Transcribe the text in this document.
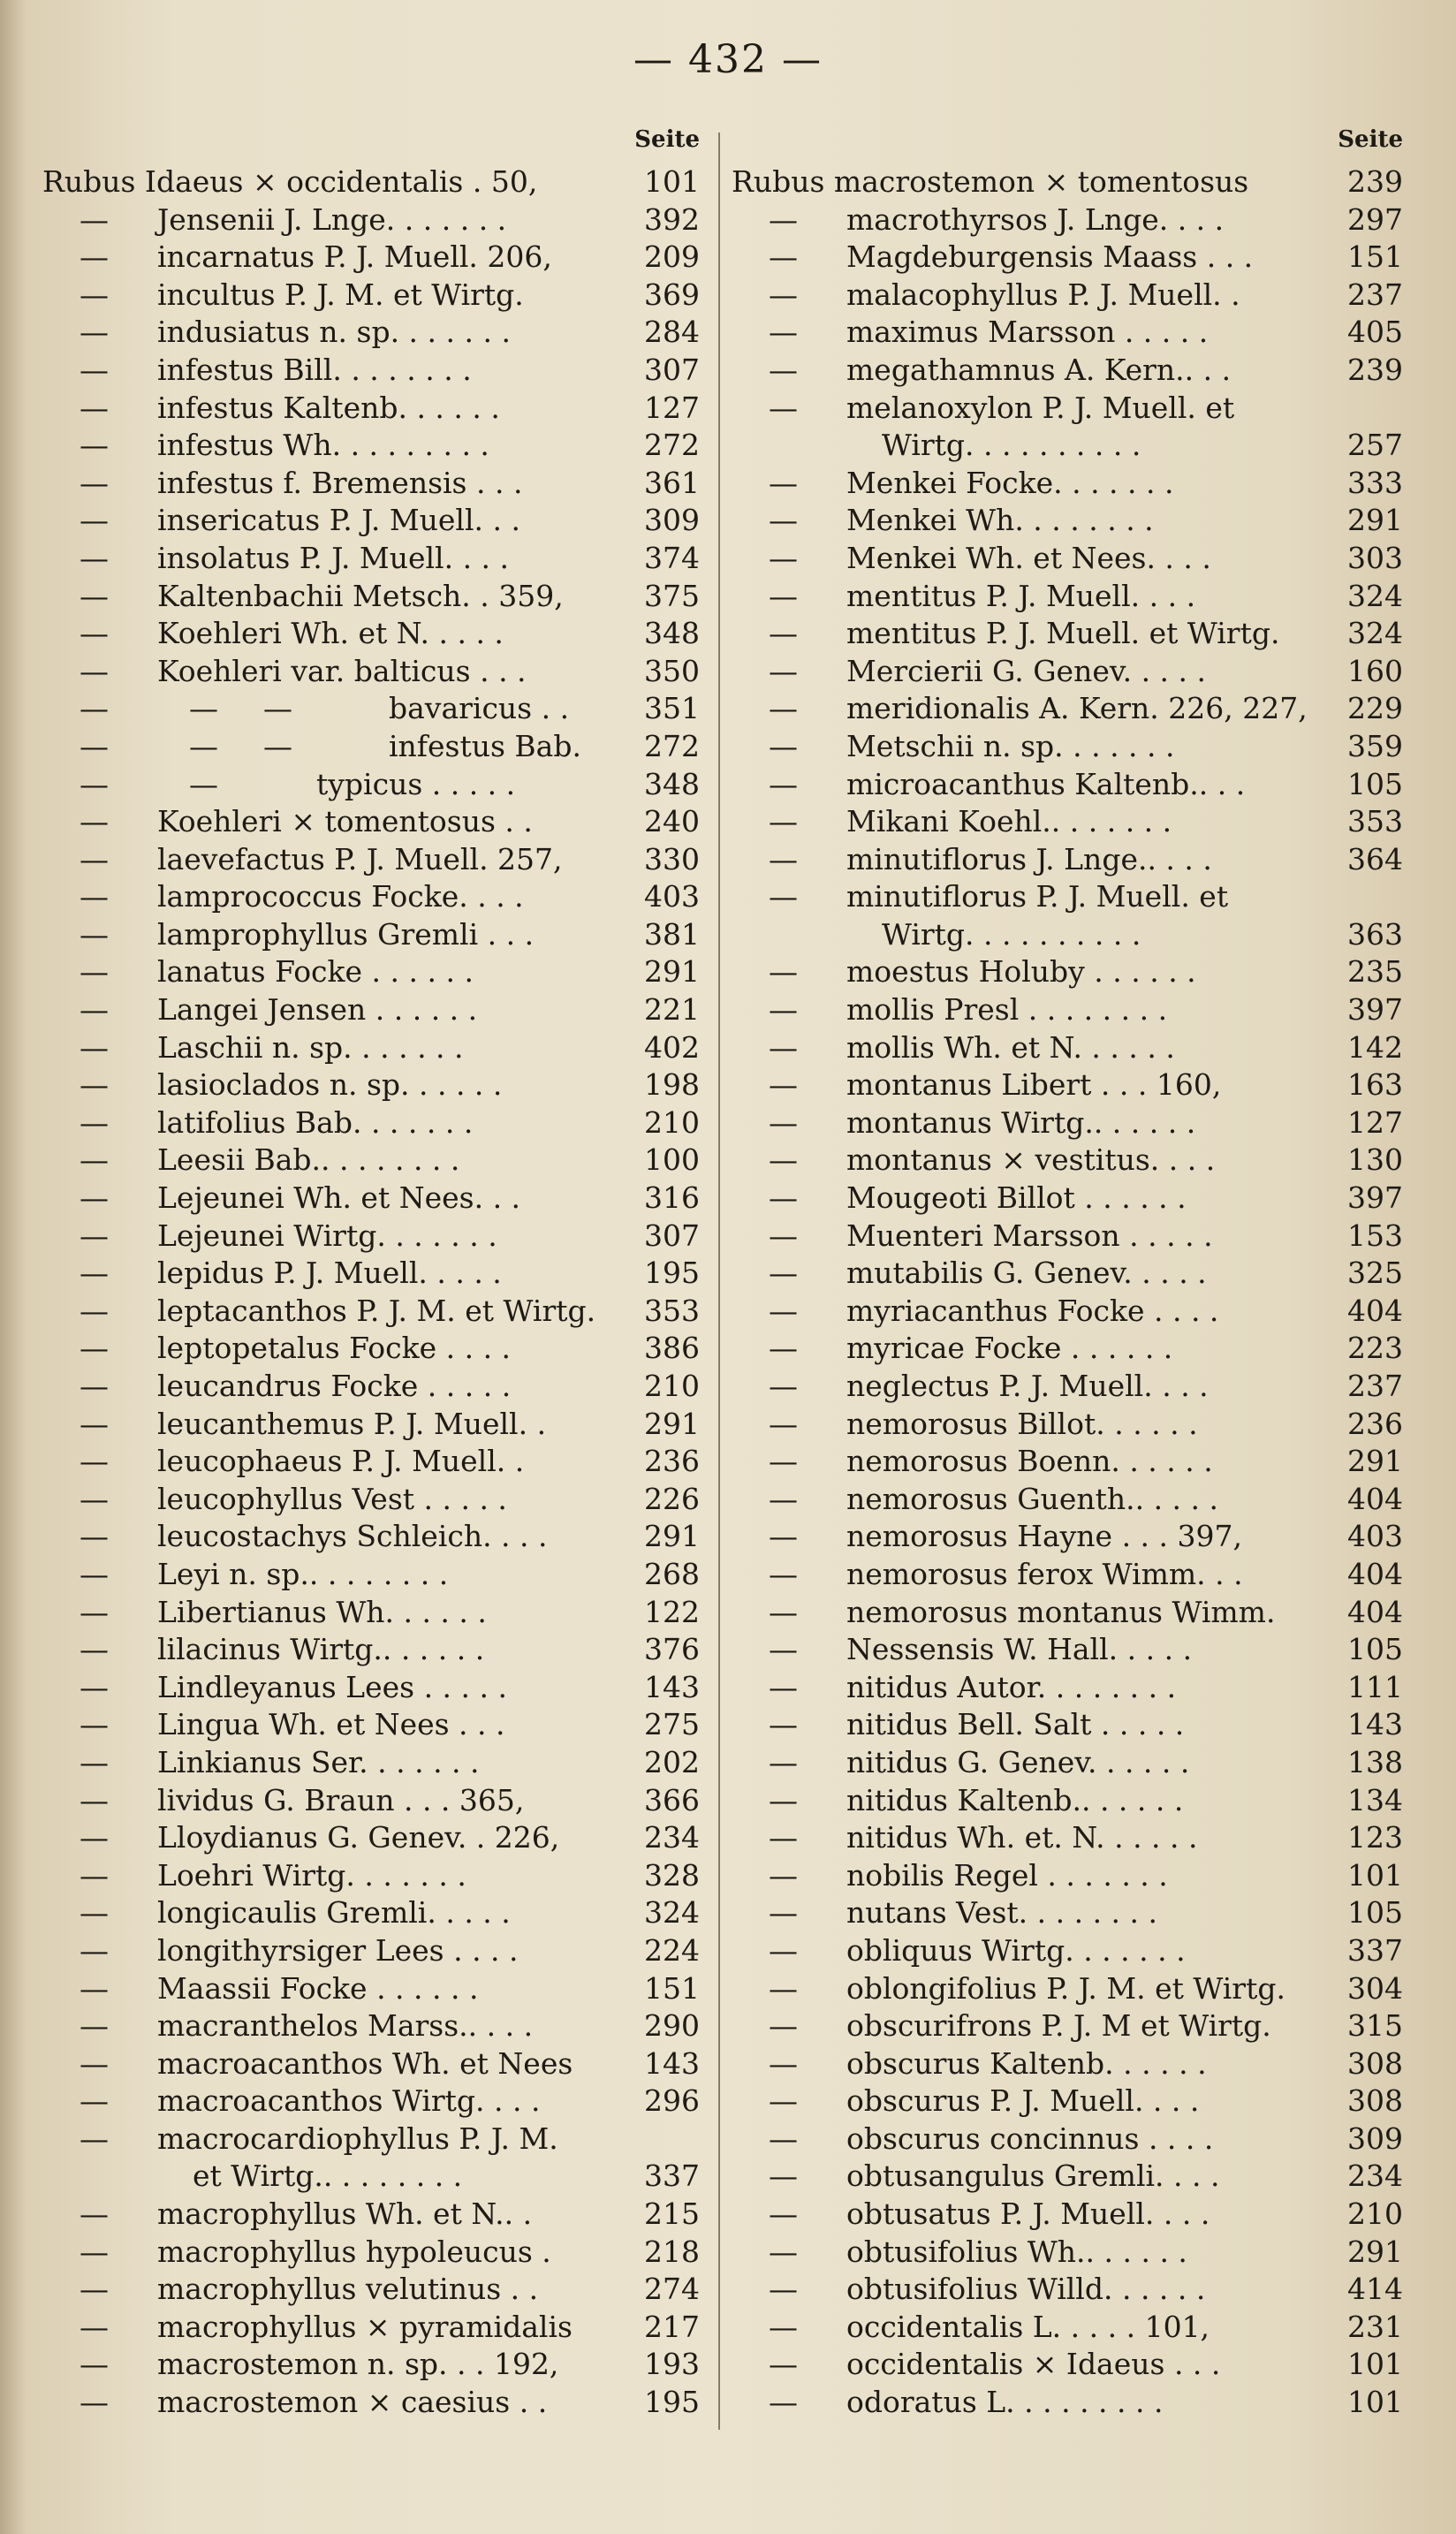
— 432 —
Seite
Rubus Idaeus × occidentalis . 50,	101
— Jensenii J. Lnge. . . . . . .	392
— incarnatus P. J. Muell. 206,	209
— incultus P. J. M. et Wirtg.	369
— indusiatus n. sp. . . . . . .	284
— infestus Bill. . . . . . . .	307
— infestus Kaltenb. . . . . .	127
— infestus Wh. . . . . . . . .	272
— infestus f. Bremensis . . .	361
— insericatus P. J. Muell. . .	309
— insolatus P. J. Muell. . . .	374
— Kaltenbachii Metsch. . 359,	375
— Koehleri Wh. et N. . . . .	348
— Koehleri var. balticus . . .	350
—	— —	bavaricus . .	351
—	— —	infestus Bab.	272
—	—	typicus . . . . .	348
— Koehleri × tomentosus . .	240
— laevefactus P. J. Muell. 257,	330
— lamprococcus Focke. . . .	403
— lamprophyllus Gremli . . .	381
— lanatus Focke . . . . . .	291
— Langei Jensen . . . . . .	221
— Laschii n. sp. . . . . . .	402
— lasioclados n. sp. . . . . .	198
— latifolius Bab. . . . . . .	210
— Leesii Bab.. . . . . . . .	100
— Lejeunei Wh. et Nees. . .	316
— Lejeunei Wirtg. . . . . . .	307
— lepidus P. J. Muell. . . . .	195
— leptacanthos P. J. M. et Wirtg.	353
— leptopetalus Focke . . . .	386
— leucandrus Focke . . . . .	210
— leucanthemus P. J. Muell. .	291
— leucophaeus P. J. Muell. .	236
— leucophyllus Vest . . . . .	226
— leucostachys Schleich. . . .	291
— Leyi n. sp.. . . . . . . .	268
— Libertianus Wh. . . . . .	122
— lilacinus Wirtg.. . . . . .	376
— Lindleyanus Lees . . . . .	143
— Lingua Wh. et Nees . . .	275
— Linkianus Ser. . . . . . .	202
— lividus G. Braun . . . 365,	366
— Lloydianus G. Genev. . 226,	234
— Loehri Wirtg. . . . . . .	328
— longicaulis Gremli. . . . .	324
— longithyrsiger Lees . . . .	224
— Maassii Focke . . . . . .	151
— macranthelos Marss.. . . .	290
— macroacanthos Wh. et Nees	143
— macroacanthos Wirtg. . . .	296
— macrocardiophyllus P. J. M.
et Wirtg.. . . . . . . .	337
— macrophyllus Wh. et N.. .	215
— macrophyllus hypoleucus .	218
— macrophyllus velutinus . .	274
— macrophyllus × pyramidalis	217
— macrostemon n. sp. . . 192,	193
— macrostemon × caesius . .	195
Seite
Rubus macrostemon × tomentosus	239
— macrothyrsos J. Lnge. . . .	297
— Magdeburgensis Maass . . .	151
— malacophyllus P. J. Muell. .	237
— maximus Marsson . . . . .	405
— megathamnus A. Kern.. . .	239
— melanoxylon P. J. Muell. et
Wirtg. . . . . . . . . .	257
— Menkei Focke. . . . . . .	333
— Menkei Wh. . . . . . . .	291
— Menkei Wh. et Nees. . . .	303
— mentitus P. J. Muell. . . .	324
— mentitus P. J. Muell. et Wirtg.	324
— Mercierii G. Genev. . . . .	160
— meridionalis A. Kern. 226, 227,	229
— Metschii n. sp. . . . . . .	359
— microacanthus Kaltenb.. . .	105
— Mikani Koehl.. . . . . . .	353
— minutiflorus J. Lnge.. . . .	364
— minutiflorus P. J. Muell. et
Wirtg. . . . . . . . . .	363
— moestus Holuby . . . . . .	235
— mollis Presl . . . . . . . .	397
— mollis Wh. et N. . . . . .	142
— montanus Libert . . . 160,	163
— montanus Wirtg.. . . . . .	127
— montanus × vestitus. . . .	130
— Mougeoti Billot . . . . . .	397
— Muenteri Marsson . . . . .	153
— mutabilis G. Genev. . . . .	325
— myriacanthus Focke . . . .	404
— myricae Focke . . . . . .	223
— neglectus P. J. Muell. . . .	237
— nemorosus Billot. . . . . .	236
— nemorosus Boenn. . . . . .	291
— nemorosus Guenth.. . . . .	404
— nemorosus Hayne . . . 397,	403
— nemorosus ferox Wimm. . .	404
— nemorosus montanus Wimm.	404
— Nessensis W. Hall. . . . .	105
— nitidus Autor. . . . . . . .	111
— nitidus Bell. Salt . . . . .	143
— nitidus G. Genev. . . . . .	138
— nitidus Kaltenb.. . . . . .	134
— nitidus Wh. et. N. . . . . .	123
— nobilis Regel . . . . . . .	101
— nutans Vest. . . . . . . .	105
— obliquus Wirtg. . . . . . .	337
— oblongifolius P. J. M. et Wirtg.	304
— obscurifrons P. J. M et Wirtg.	315
— obscurus Kaltenb. . . . . .	308
— obscurus P. J. Muell. . . .	308
— obscurus concinnus . . . .	309
— obtusangulus Gremli. . . .	234
— obtusatus P. J. Muell. . . .	210
— obtusifolius Wh.. . . . . .	291
— obtusifolius Willd. . . . . .	414
— occidentalis L. . . . . 101,	231
— occidentalis × Idaeus . . .	101
— odoratus L. . . . . . . . .	101
